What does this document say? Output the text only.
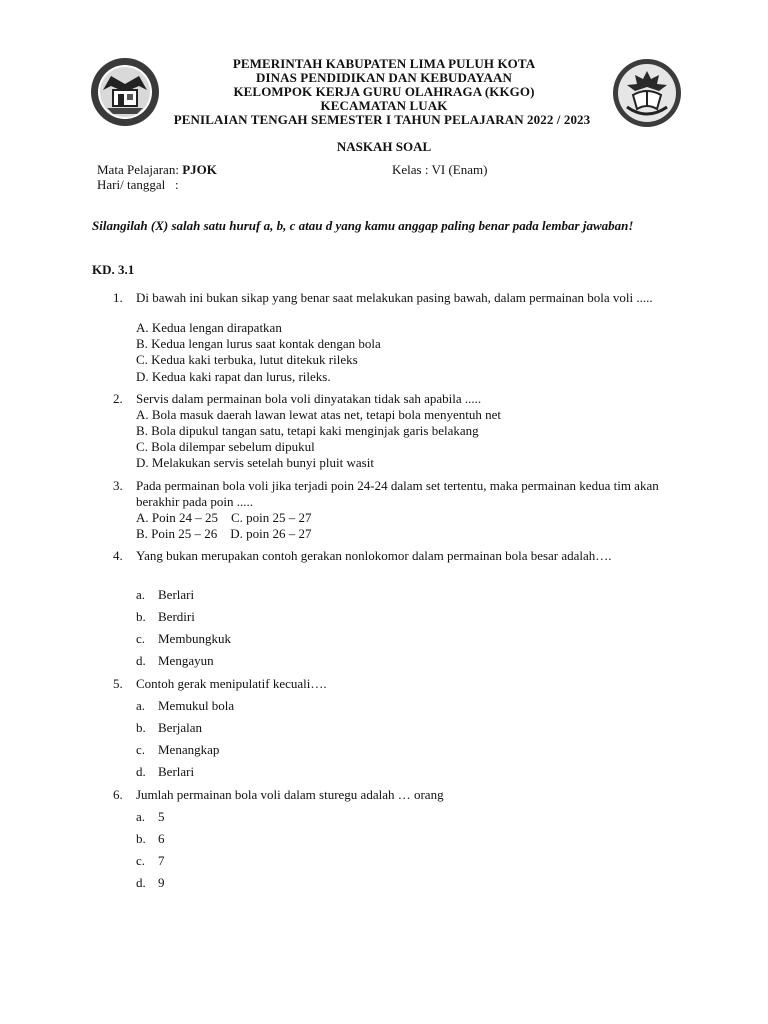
PEMERINTAH KABUPATEN LIMA PULUH KOTA
DINAS PENDIDIKAN DAN KEBUDAYAAN
KELOMPOK KERJA GURU OLAHRAGA (KKGO)
KECAMATAN LUAK
PENILAIAN TENGAH SEMESTER I TAHUN PELAJARAN 2022 / 2023
NASKAH SOAL
Mata Pelajaran: PJOK	Kelas : VI (Enam)
Hari/ tanggal   :
Silangilah (X) salah satu huruf a, b, c atau d yang kamu anggap paling benar pada lembar jawaban!
KD. 3.1
1.	Di bawah ini bukan sikap yang benar saat melakukan pasing bawah, dalam permainan bola voli .....
A. Kedua lengan dirapatkan
B. Kedua lengan lurus saat kontak dengan bola
C. Kedua kaki terbuka, lutut ditekuk rileks
D. Kedua kaki rapat dan lurus, rileks.
2.	Servis dalam permainan bola voli dinyatakan tidak sah apabila .....
A. Bola masuk daerah lawan lewat atas net, tetapi bola menyentuh net
B. Bola dipukul tangan satu, tetapi kaki menginjak garis belakang
C. Bola dilempar sebelum dipukul
D. Melakukan servis setelah bunyi pluit wasit
3.	Pada permainan bola voli jika terjadi poin 24-24 dalam set tertentu, maka permainan kedua tim akan berakhir pada poin .....
A. Poin 24 – 25    C. poin 25 – 27
B. Poin 25 – 26    D. poin 26 – 27
4.	Yang bukan merupakan contoh gerakan nonlokomor dalam permainan bola besar adalah….
a. Berlari
b. Berdiri
c. Membungkuk
d. Mengayun
5.	Contoh gerak menipulatif kecuali….
a. Memukul bola
b. Berjalan
c. Menangkap
d. Berlari
6.	Jumlah permainan bola voli dalam sturegu adalah … orang
a. 5
b. 6
c. 7
d. 9
